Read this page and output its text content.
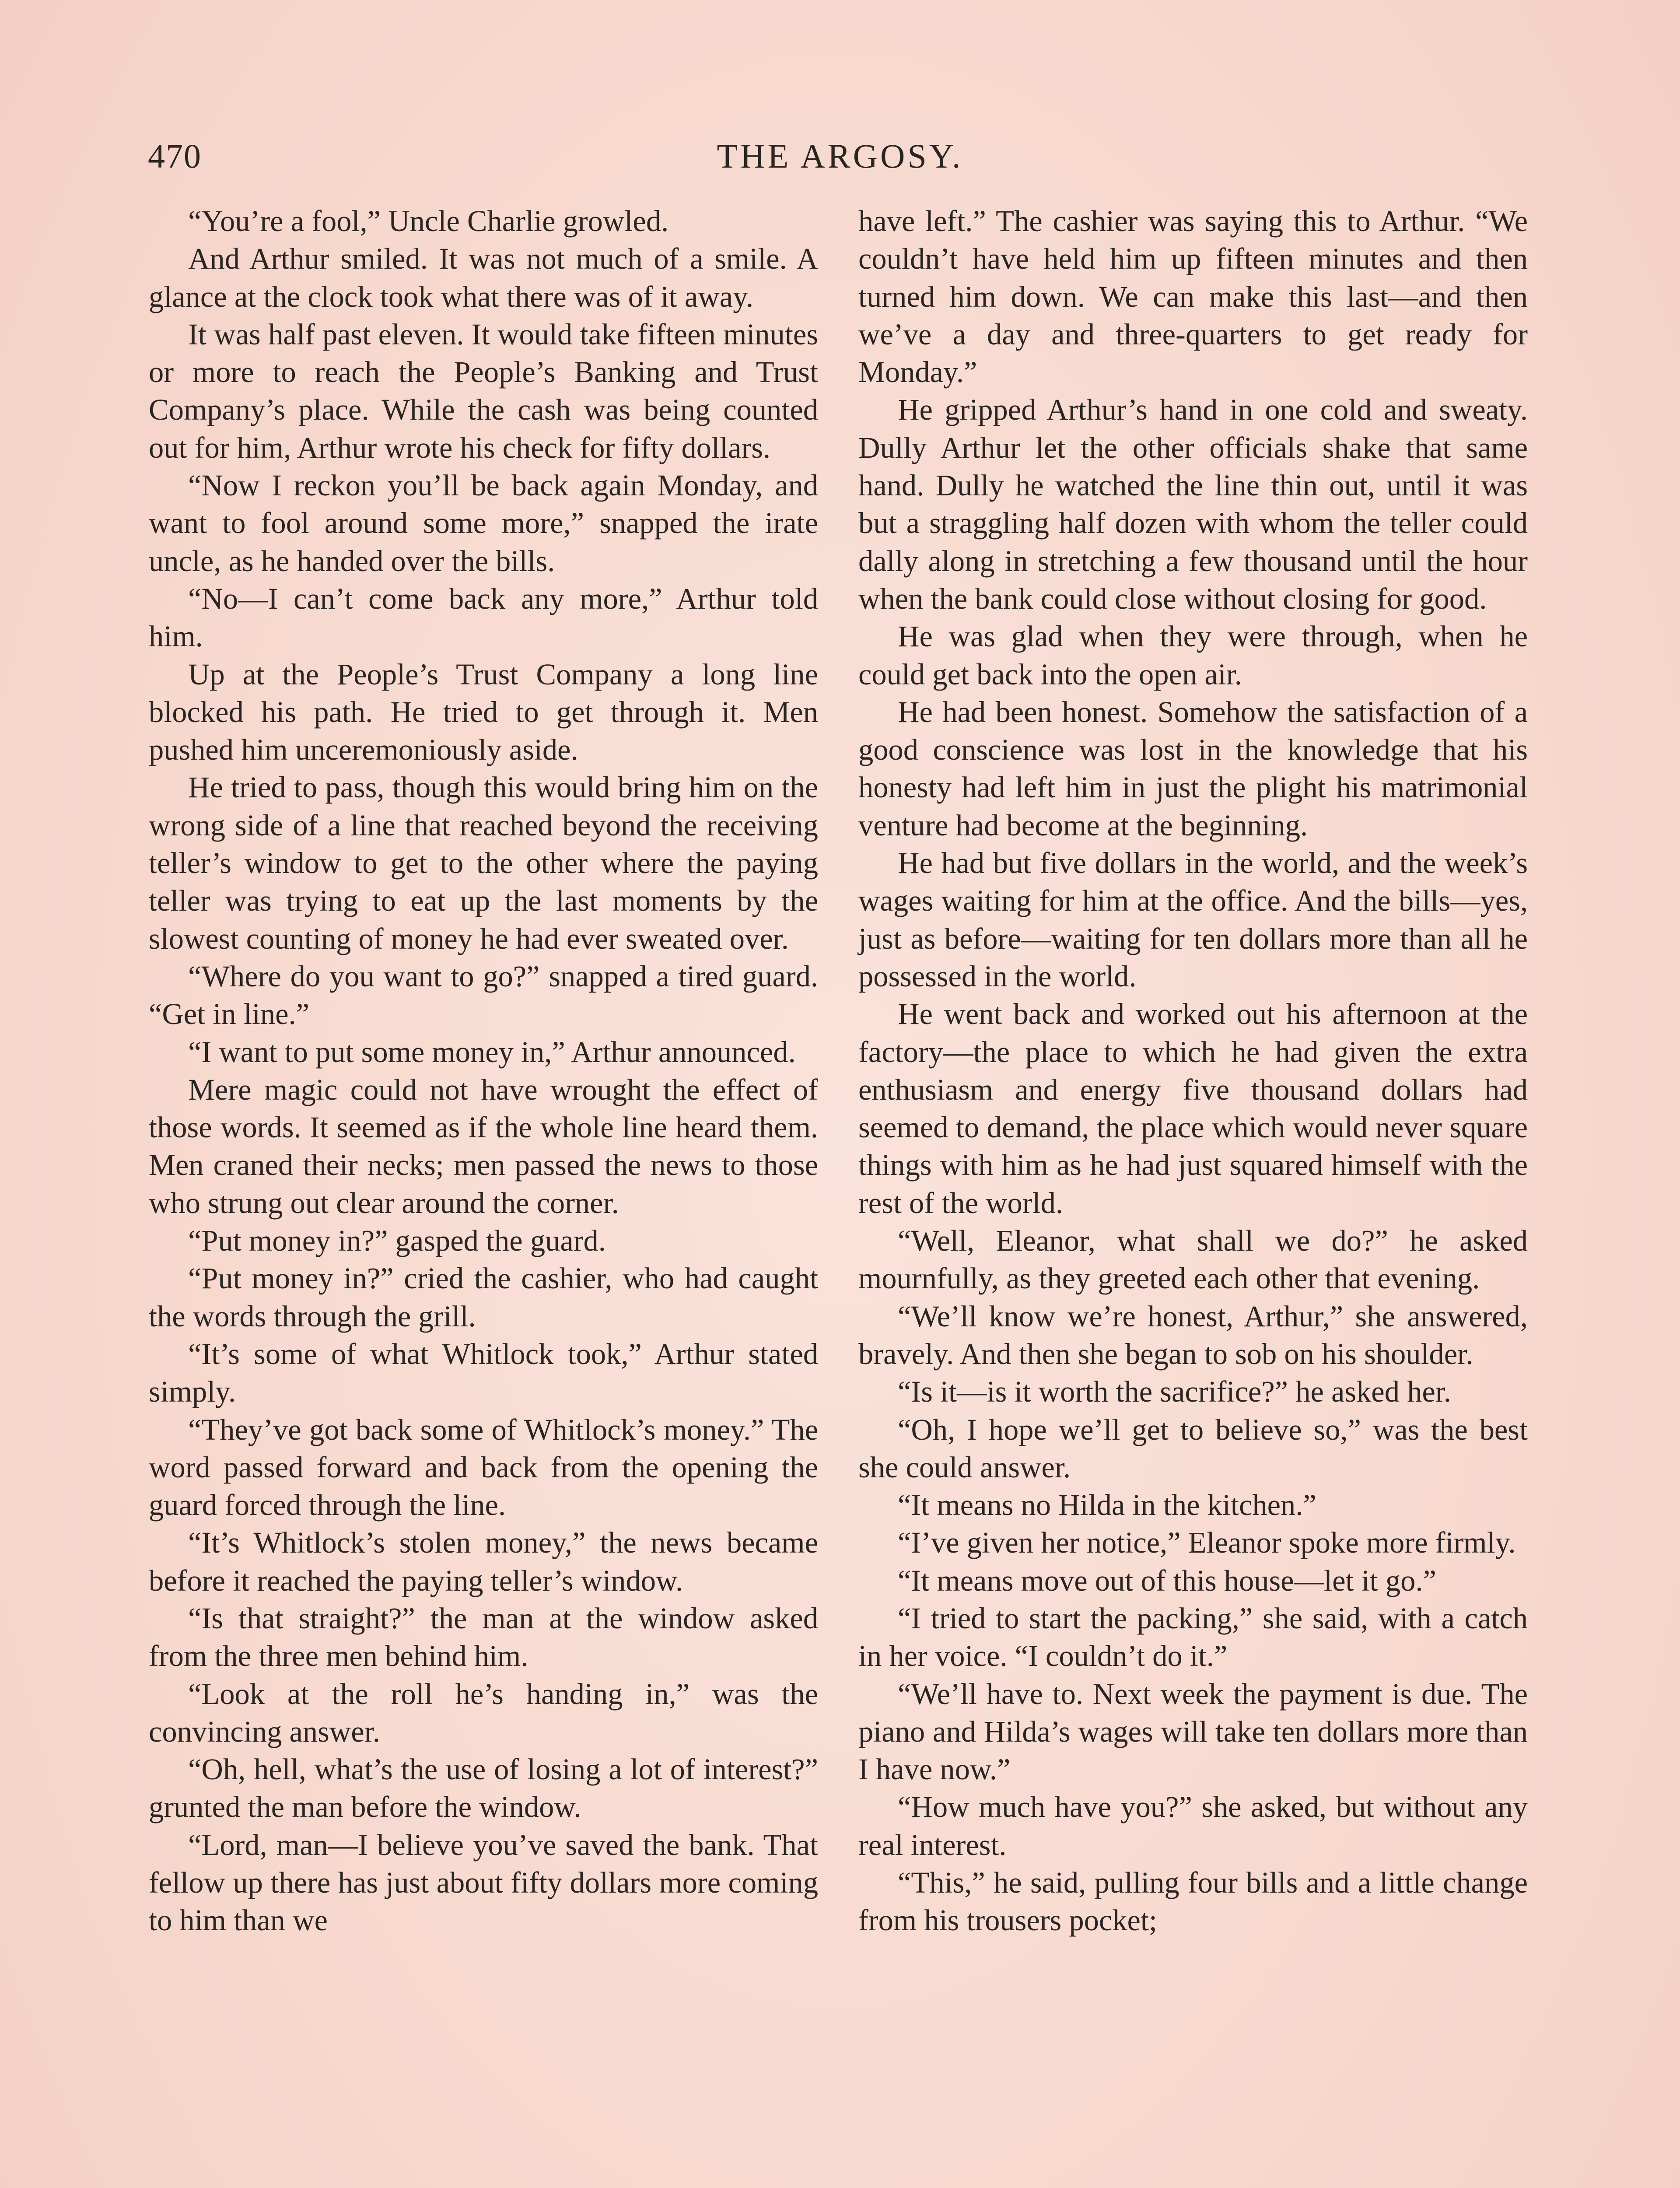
470	THE ARGOSY.

“You’re a fool,” Uncle Charlie growled.

And Arthur smiled. It was not much of a smile. A glance at the clock took what there was of it away.

It was half past eleven. It would take fifteen minutes or more to reach the People’s Banking and Trust Company’s place. While the cash was being counted out for him, Arthur wrote his check for fifty dollars.

“Now I reckon you’ll be back again Monday, and want to fool around some more,” snapped the irate uncle, as he handed over the bills.

“No—I can’t come back any more,” Arthur told him.

Up at the People’s Trust Company a long line blocked his path. He tried to get through it. Men pushed him unceremoniously aside.

He tried to pass, though this would bring him on the wrong side of a line that reached beyond the receiving teller’s window to get to the other where the paying teller was trying to eat up the last moments by the slowest counting of money he had ever sweated over.

“Where do you want to go?” snapped a tired guard. “Get in line.”

“I want to put some money in,” Arthur announced.

Mere magic could not have wrought the effect of those words. It seemed as if the whole line heard them. Men craned their necks; men passed the news to those who strung out clear around the corner.

“Put money in?” gasped the guard.

“Put money in?” cried the cashier, who had caught the words through the grill.

“It’s some of what Whitlock took,” Arthur stated simply.

“They’ve got back some of Whitlock’s money.” The word passed forward and back from the opening the guard forced through the line.

“It’s Whitlock’s stolen money,” the news became before it reached the paying teller’s window.

“Is that straight?” the man at the window asked from the three men behind him.

“Look at the roll he’s handing in,” was the convincing answer.

“Oh, hell, what’s the use of losing a lot of interest?” grunted the man before the window.

“Lord, man—I believe you’ve saved the bank. That fellow up there has just about fifty dollars more coming to him than we

have left.” The cashier was saying this to Arthur. “We couldn’t have held him up fifteen minutes and then turned him down. We can make this last—and then we’ve a day and three-quarters to get ready for Monday.”

He gripped Arthur’s hand in one cold and sweaty. Dully Arthur let the other officials shake that same hand. Dully he watched the line thin out, until it was but a straggling half dozen with whom the teller could dally along in stretching a few thousand until the hour when the bank could close without closing for good.

He was glad when they were through, when he could get back into the open air.

He had been honest. Somehow the satisfaction of a good conscience was lost in the knowledge that his honesty had left him in just the plight his matrimonial venture had become at the beginning.

He had but five dollars in the world, and the week’s wages waiting for him at the office. And the bills—yes, just as before—waiting for ten dollars more than all he possessed in the world.

He went back and worked out his afternoon at the factory—the place to which he had given the extra enthusiasm and energy five thousand dollars had seemed to demand, the place which would never square things with him as he had just squared himself with the rest of the world.

“Well, Eleanor, what shall we do?” he asked mournfully, as they greeted each other that evening.

“We’ll know we’re honest, Arthur,” she answered, bravely. And then she began to sob on his shoulder.

“Is it—is it worth the sacrifice?” he asked her.

“Oh, I hope we’ll get to believe so,” was the best she could answer.

“It means no Hilda in the kitchen.”

“I’ve given her notice,” Eleanor spoke more firmly.

“It means move out of this house—let it go.”

“I tried to start the packing,” she said, with a catch in her voice. “I couldn’t do it.”

“We’ll have to. Next week the payment is due. The piano and Hilda’s wages will take ten dollars more than I have now.”

“How much have you?” she asked, but without any real interest.

“This,” he said, pulling four bills and a little change from his trousers pocket;
